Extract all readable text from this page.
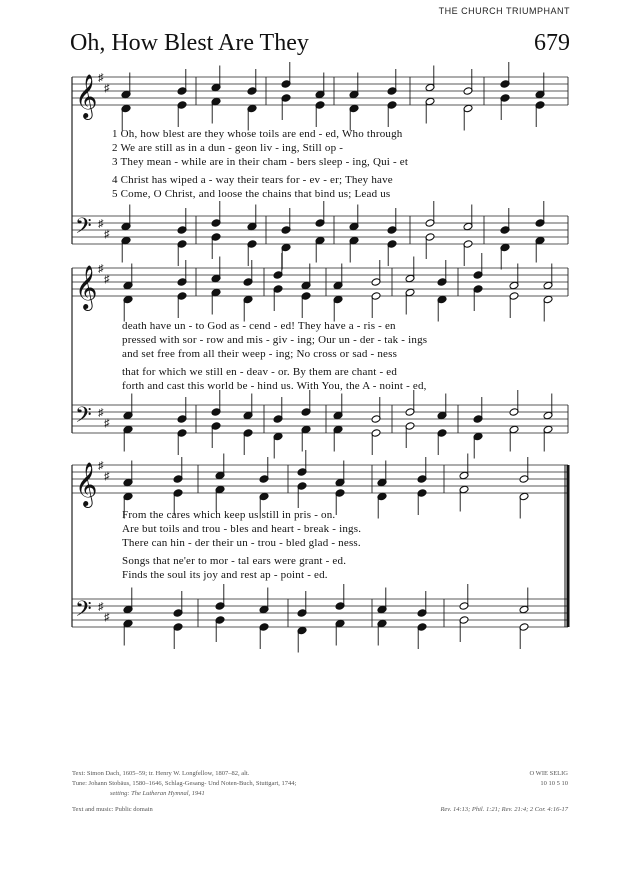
THE CHURCH TRIUMPHANT
Oh, How Blest Are They	679
𝄞 ♯
♯
𝄢 ♯
♯
𝄞 ♯
♯
𝄢 ♯
♯
𝄞 ♯
♯
𝄢 ♯
♯
1 Oh, how blest are they whose toils are end - ed, Who through
2 We are still as in a dun - geon liv - ing, Still op -
3 They mean - while are in their cham - bers sleep - ing, Qui - et
4 Christ has wiped a - way their tears for - ev - er; They have
5 Come, O Christ, and loose the chains that bind us; Lead us
death have un - to God as - cend - ed! They have a - ris - en
pressed with sor - row and mis - giv - ing; Our un - der - tak - ings
and set free from all their weep - ing; No cross or sad - ness
that for which we still en - deav - or. By them are chant - ed
forth and cast this world be - hind us. With You, the A - noint - ed,
From the cares which keep us still in pris - on.
Are but toils and trou - bles and heart - break - ings.
There can hin - der their un - trou - bled glad - ness.
Songs that ne'er to mor - tal ears were grant - ed.
Finds the soul its joy and rest ap - point - ed.
Text: Simon Dach, 1605–59; tr. Henry W. Longfellow, 1807–82, alt.
Tune: Johann Stobäus, 1580–1646, Schlag-Gesang- Und Noten-Buch, Stuttgart, 1744;
setting: The Lutheran Hymnal, 1941
Text and music: Public domain
O WIE SELIG
10 10 5 10
Rev. 14:13; Phil. 1:21; Rev. 21:4; 2 Cor. 4:16-17
